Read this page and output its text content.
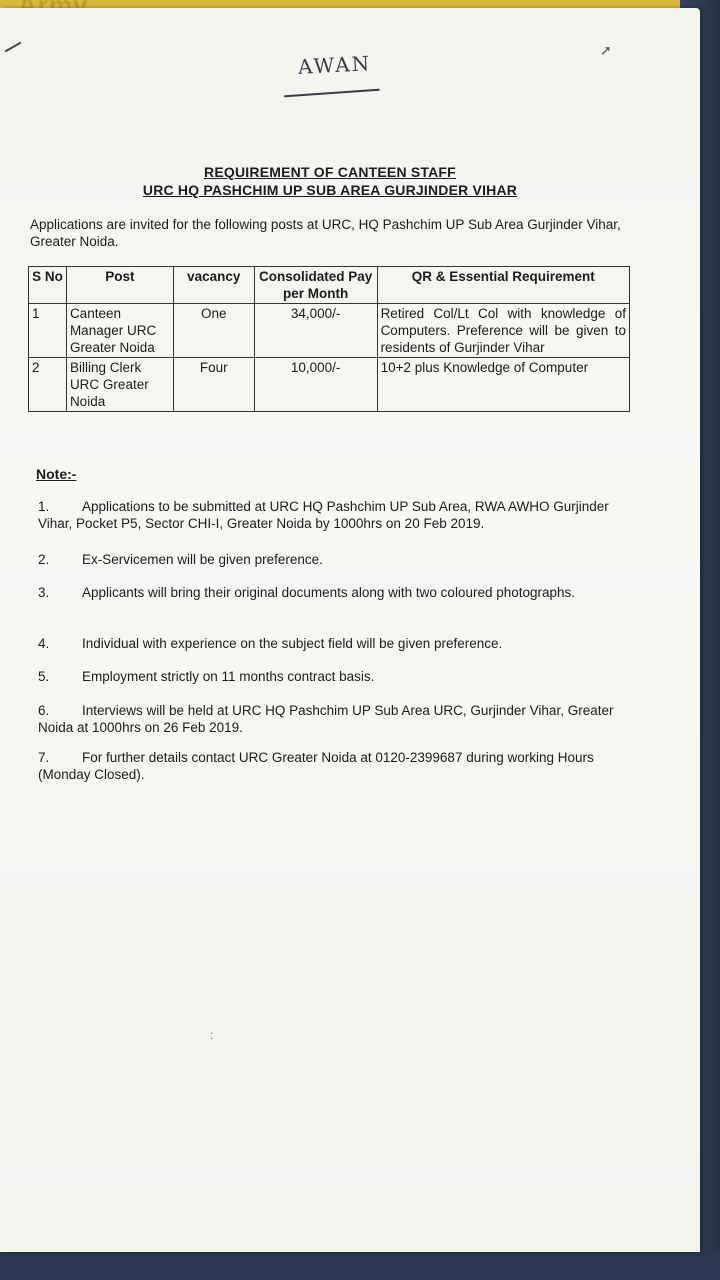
➚
AWAN
REQUIREMENT OF CANTEEN STAFF
URC HQ PASHCHIM UP SUB AREA GURJINDER VIHAR
Applications are invited for the following posts at URC, HQ Pashchim UP Sub Area Gurjinder Vihar, Greater Noida.
S No	Post	vacancy	Consolidated Pay per Month	QR & Essential Requirement
1	Canteen Manager URC Greater Noida	One	34,000/-	Retired Col/Lt Col with knowledge of Computers. Preference will be given to residents of Gurjinder Vihar
2	Billing Clerk URC Greater Noida	Four	10,000/-	10+2 plus Knowledge of Computer
Note:-
1. Applications to be submitted at URC HQ Pashchim UP Sub Area, RWA AWHO Gurjinder Vihar, Pocket P5, Sector CHI-I, Greater Noida by 1000hrs on 20 Feb 2019.
2. Ex-Servicemen will be given preference.
3. Applicants will bring their original documents along with two coloured photographs.
4. Individual with experience on the subject field will be given preference.
5. Employment strictly on 11 months contract basis.
6. Interviews will be held at URC HQ Pashchim UP Sub Area URC, Gurjinder Vihar, Greater Noida at 1000hrs on 26 Feb 2019.
7. For further details contact URC Greater Noida at 0120-2399687 during working Hours (Monday Closed).
:
